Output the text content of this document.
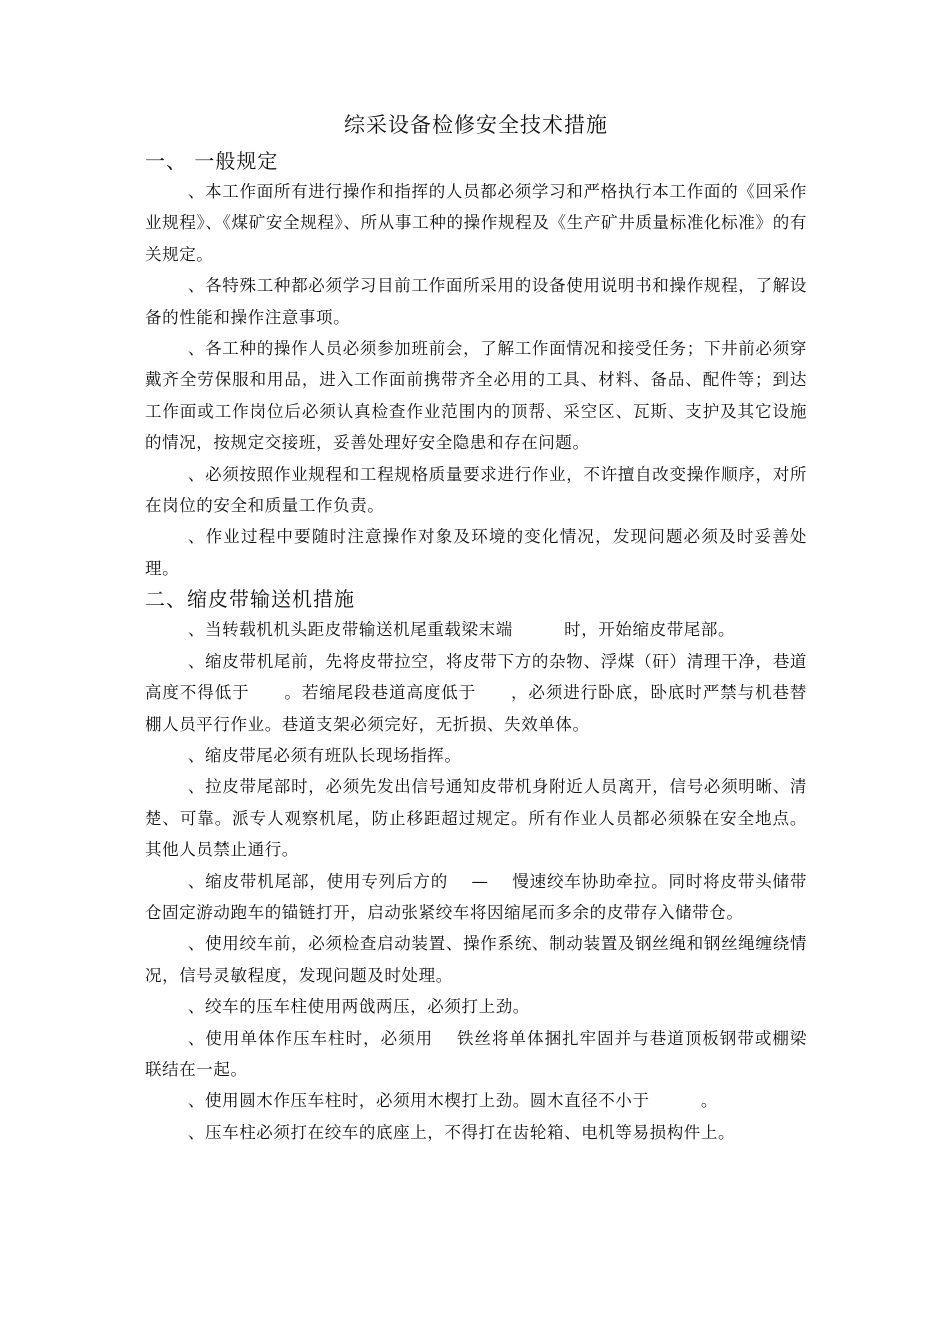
综采设备检修安全技术措施
一、 一般规定

、本工作面所有进行操作和指挥的人员都必须学习和严格执行本工作面的《回采作业规程》、《煤矿安全规程》、所从事工种的操作规程及《生产矿井质量标准化标准》的有关规定。

、各特殊工种都必须学习目前工作面所采用的设备使用说明书和操作规程，了解设备的性能和操作注意事项。

、各工种的操作人员必须参加班前会，了解工作面情况和接受任务；下井前必须穿戴齐全劳保服和用品，进入工作面前携带齐全必用的工具、材料、备品、配件等；到达工作面或工作岗位后必须认真检查作业范围内的顶帮、采空区、瓦斯、支护及其它设施的情况，按规定交接班，妥善处理好安全隐患和存在问题。

、必须按照作业规程和工程规格质量要求进行作业，不许擅自改变操作顺序，对所在岗位的安全和质量工作负责。

、作业过程中要随时注意操作对象及环境的变化情况，发现问题必须及时妥善处理。

二、缩皮带输送机措施

、当转载机机头距皮带输送机尾重载梁末端　　　时，开始缩皮带尾部。

、缩皮带机尾前，先将皮带拉空，将皮带下方的杂物、浮煤（矸）清理干净，巷道高度不得低于　　。若缩尾段巷道高度低于　　，必须进行卧底，卧底时严禁与机巷替棚人员平行作业。巷道支架必须完好，无折损、失效单体。

、缩皮带尾必须有班队长现场指挥。

、拉皮带尾部时，必须先发出信号通知皮带机身附近人员离开，信号必须明晰、清楚、可靠。派专人观察机尾，防止移距超过规定。所有作业人员都必须躲在安全地点。其他人员禁止通行。

、缩皮带机尾部，使用专列后方的　 —　 慢速绞车协助牵拉。同时将皮带头储带仓固定游动跑车的锚链打开，启动张紧绞车将因缩尾而多余的皮带存入储带仓。

、使用绞车前，必须检查启动装置、操作系统、制动装置及钢丝绳和钢丝绳缠绕情况，信号灵敏程度，发现问题及时处理。

、绞车的压车柱使用两戗两压，必须打上劲。

、使用单体作压车柱时，必须用　 铁丝将单体捆扎牢固并与巷道顶板钢带或棚梁联结在一起。

、使用圆木作压车柱时，必须用木楔打上劲。圆木直径不小于　　　。

、压车柱必须打在绞车的底座上，不得打在齿轮箱、电机等易损构件上。
